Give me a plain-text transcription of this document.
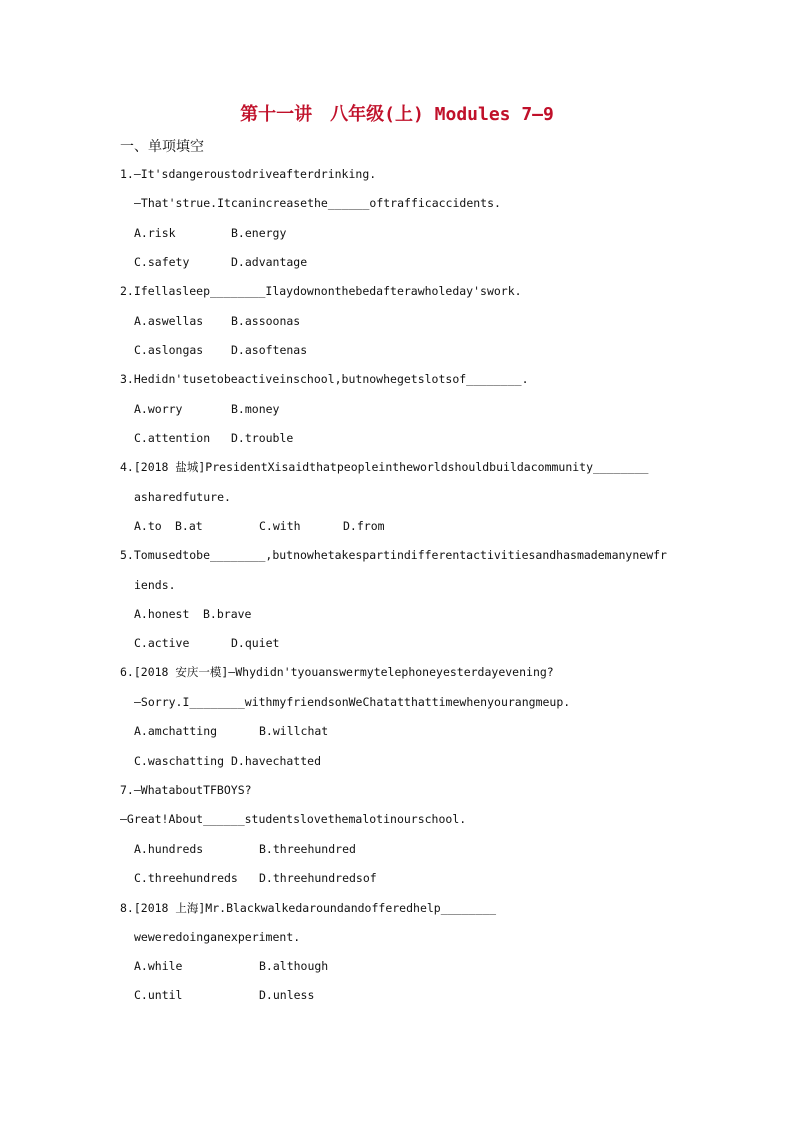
第十一讲　八年级(上) Modules 7—9
一、单项填空
1.—It'sdangeroustodriveafterdrinking.
—That'strue.Itcanincreasethe______oftrafficaccidents.
A.risk	B.energy
C.safety	D.advantage
2.Ifellasleep________Ilaydownonthebedafterawholeday'swork.
A.aswellas B.assoonas
C.aslongas D.asoftenas
3.Hedidn'tusetobeactiveinschool,butnowhegetslotsof________.
A.worry	B.money
C.attention D.trouble
4.[2018 盐城]PresidentXisaidthatpeopleintheworldshouldbuildacommunity________
asharedfuture.
A.to B.at	C.with	D.from
5.Tomusedtobe________,butnowhetakespartindifferentactivitiesandhasmademanynewfr
iends.
A.honest B.brave
C.active	D.quiet
6.[2018 安庆一模]—Whydidn'tyouanswermytelephoneyesterdayevening?
—Sorry.I________withmyfriendsonWeChatatthattimewhenyourangmeup.
A.amchatting	B.willchat
C.waschatting D.havechatted
7.—WhataboutTFBOYS?
—Great!About______studentslovethemalotinourschool.
A.hundreds	B.threehundred
C.threehundreds D.threehundredsof
8.[2018 上海]Mr.Blackwalkedaroundandofferedhelp________
weweredoinganexperiment.
A.while	B.although
C.until	D.unless
